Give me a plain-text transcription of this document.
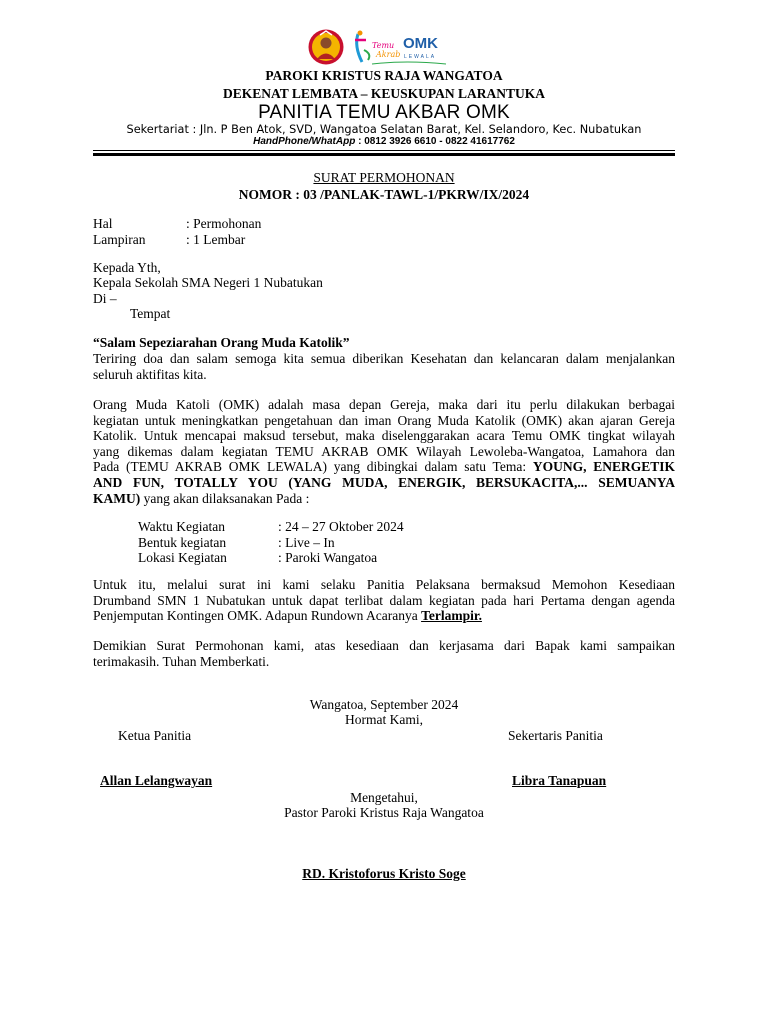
Temu
Akrab
OMK
LEWALA
PAROKI KRISTUS RAJA WANGATOA
DEKENAT LEMBATA – KEUSKUPAN LARANTUKA
PANITIA TEMU AKBAR OMK
Sekertariat : Jln. P Ben Atok, SVD, Wangatoa Selatan Barat, Kel. Selandoro, Kec. Nubatukan
HandPhone/WhatApp : 0812 3926 6610 - 0822 41617762
SURAT PERMOHONAN
NOMOR : 03 /PANLAK-TAWL-1/PKRW/IX/2024
Hal	: Permohonan
Lampiran	: 1 Lembar
Kepada Yth,
Kepala Sekolah SMA Negeri 1 Nubatukan
Di –
Tempat
“Salam Sepeziarahan Orang Muda Katolik”
Teriring doa dan salam semoga kita semua diberikan Kesehatan dan kelancaran dalam menjalankan
seluruh aktifitas kita.
Orang Muda Katoli (OMK) adalah masa depan Gereja, maka dari itu perlu dilakukan berbagai
kegiatan untuk meningkatkan pengetahuan dan iman Orang Muda Katolik (OMK) akan ajaran Gereja
Katolik. Untuk mencapai maksud tersebut, maka diselenggarakan acara Temu OMK tingkat wilayah
yang dikemas dalam kegiatan TEMU AKRAB OMK Wilayah Lewoleba-Wangatoa, Lamahora dan
Pada (TEMU AKRAB OMK LEWALA) yang dibingkai dalam satu Tema: YOUNG, ENERGETIK
AND FUN, TOTALLY YOU (YANG MUDA, ENERGIK, BERSUKACITA,... SEMUANYA
KAMU) yang akan dilaksanakan Pada :
Waktu Kegiatan	: 24 – 27 Oktober 2024
Bentuk kegiatan	: Live – In
Lokasi Kegiatan	: Paroki Wangatoa
Untuk itu, melalui surat ini kami selaku Panitia Pelaksana bermaksud Memohon Kesediaan
Drumband SMN 1 Nubatukan untuk dapat terlibat dalam kegiatan pada hari Pertama dengan agenda
Penjemputan Kontingen OMK. Adapun Rundown Acaranya Terlampir.
Demikian Surat Permohonan kami, atas kesediaan dan kerjasama dari Bapak kami sampaikan
terimakasih. Tuhan Memberkati.
Wangatoa, September 2024
Hormat Kami,
Ketua Panitia	Sekertaris Panitia
Allan Lelangwayan	Libra Tanapuan
Mengetahui,
Pastor Paroki Kristus Raja Wangatoa
RD. Kristoforus Kristo Soge
